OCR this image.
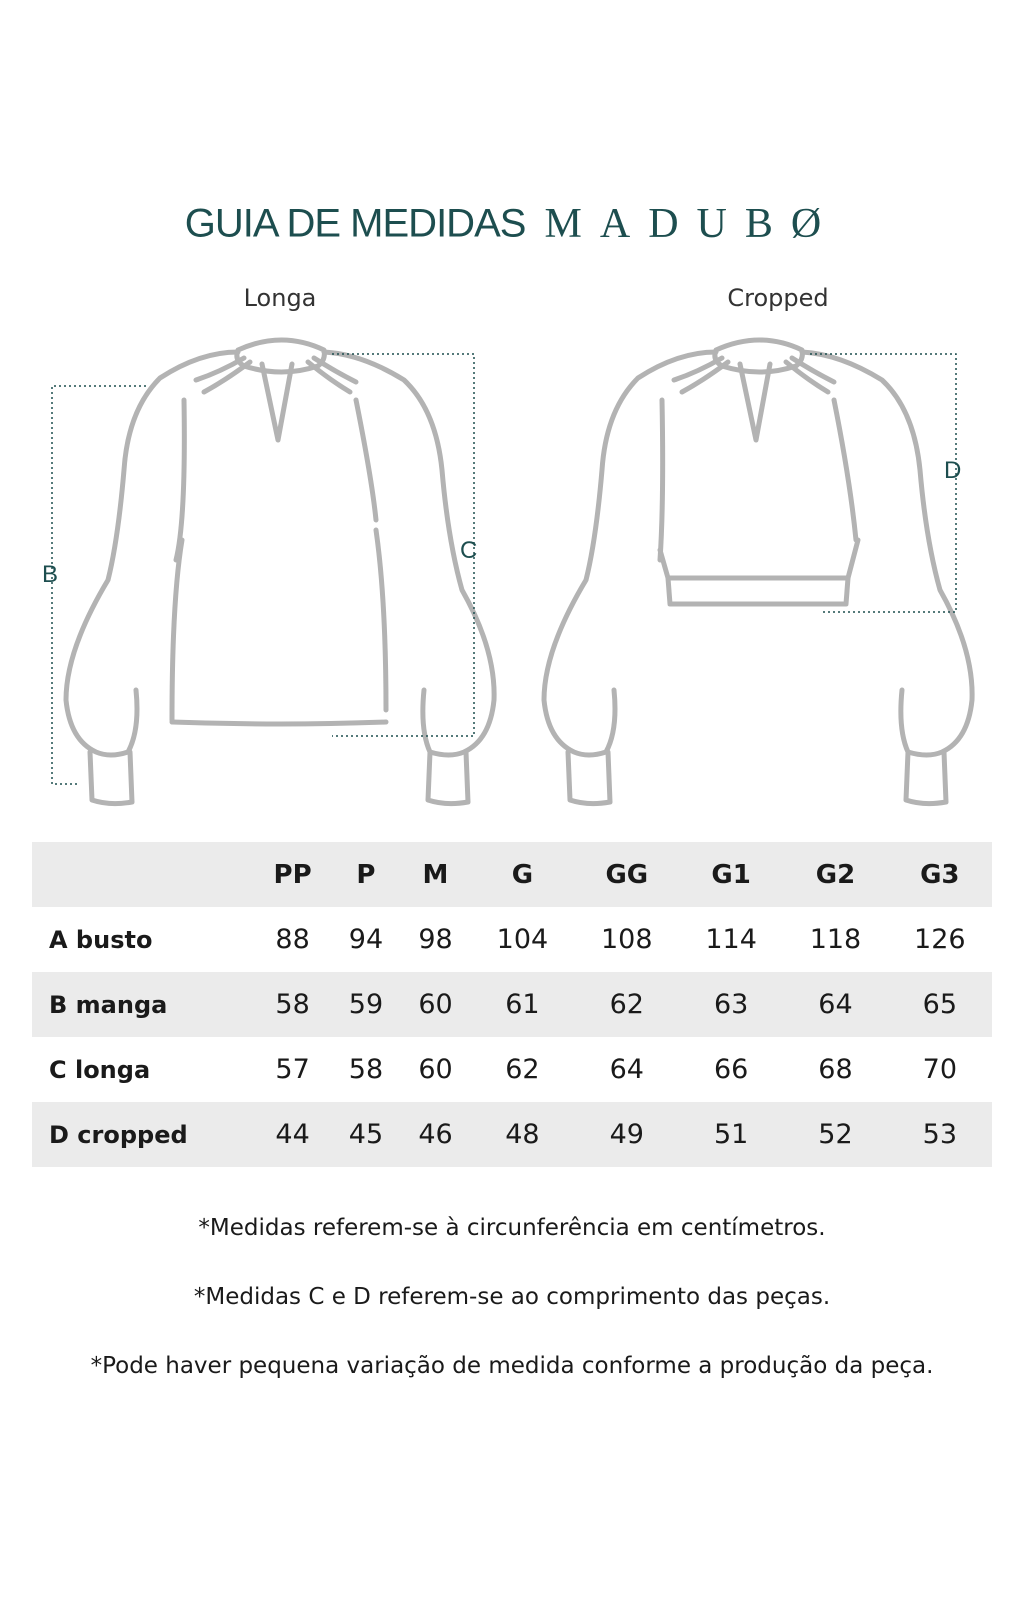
GUIA DE MEDIDAS MADUBØ
Longa	Cropped
B
C
D
	PP	P	M	G	GG	G1	G2	G3
A busto	88	94	98	104	108	114	118	126
B manga	58	59	60	61	62	63	64	65
C longa	57	58	60	62	64	66	68	70
D cropped	44	45	46	48	49	51	52	53

*Medidas referem-se à circunferência em centímetros.

*Medidas C e D referem-se ao comprimento das peças.

*Pode haver pequena variação de medida conforme a produção da peça.
